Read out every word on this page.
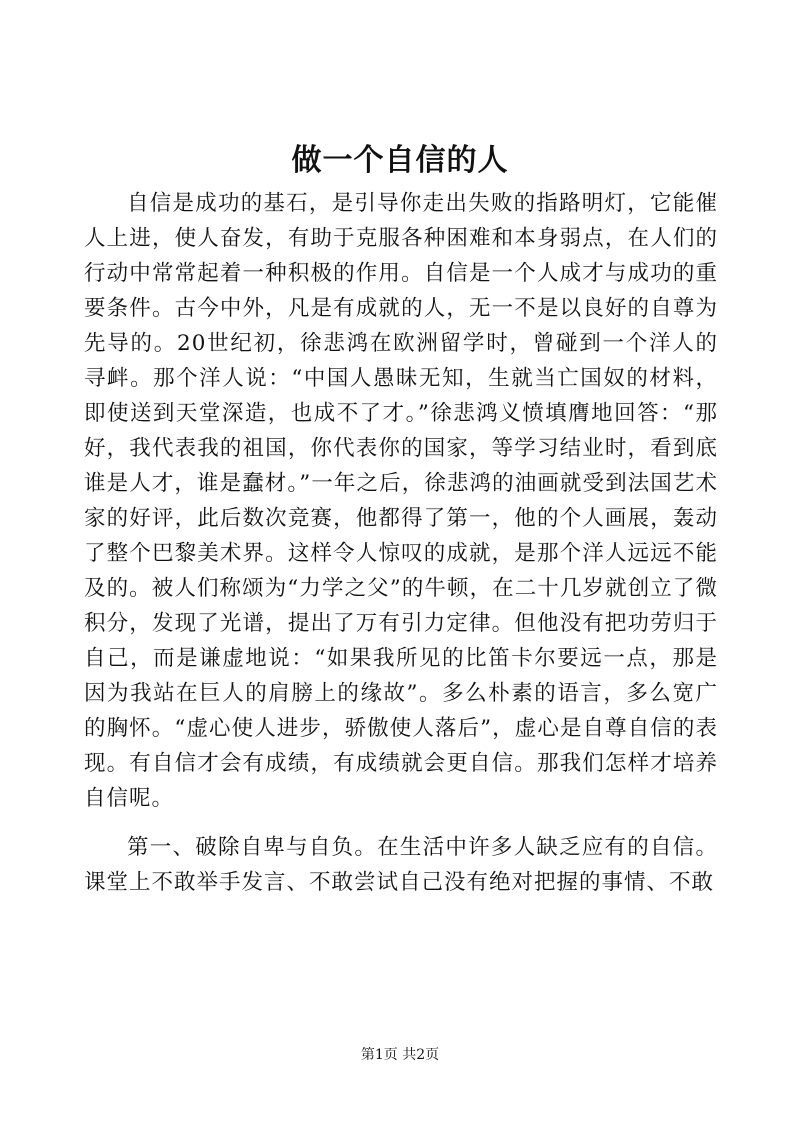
做一个自信的人

自信是成功的基石，是引导你走出失败的指路明灯，它能催人上进，使人奋发，有助于克服各种困难和本身弱点，在人们的行动中常常起着一种积极的作用。自信是一个人成才与成功的重要条件。古今中外，凡是有成就的人，无一不是以良好的自尊为先导的。20世纪初，徐悲鸿在欧洲留学时，曾碰到一个洋人的寻衅。那个洋人说：“中国人愚昧无知，生就当亡国奴的材料，即使送到天堂深造，也成不了才。”徐悲鸿义愤填膺地回答：“那好，我代表我的祖国，你代表你的国家，等学习结业时，看到底谁是人才，谁是蠢材。”一年之后，徐悲鸿的油画就受到法国艺术家的好评，此后数次竞赛，他都得了第一，他的个人画展，轰动了整个巴黎美术界。这样令人惊叹的成就，是那个洋人远远不能及的。被人们称颂为“力学之父”的牛顿，在二十几岁就创立了微积分，发现了光谱，提出了万有引力定律。但他没有把功劳归于自己，而是谦虚地说：“如果我所见的比笛卡尔要远一点，那是因为我站在巨人的肩膀上的缘故”。多么朴素的语言，多么宽广的胸怀。“虚心使人进步，骄傲使人落后”，虚心是自尊自信的表现。有自信才会有成绩，有成绩就会更自信。那我们怎样才培养自信呢。

第一、破除自卑与自负。在生活中许多人缺乏应有的自信。课堂上不敢举手发言、不敢尝试自己没有绝对把握的事情、不敢

第1页 共2页
